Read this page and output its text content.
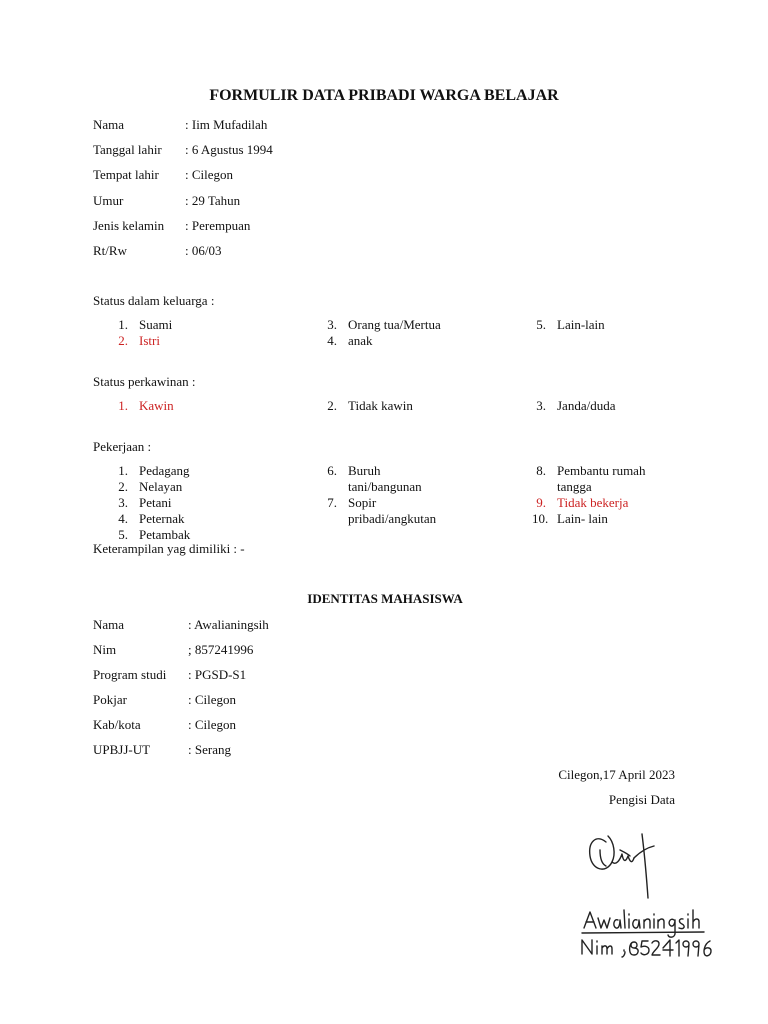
FORMULIR DATA PRIBADI WARGA BELAJAR
Nama	: Iim Mufadilah
Tanggal lahir : 6 Agustus 1994
Tempat lahir : Cilegon
Umur	: 29 Tahun
Jenis kelamin : Perempuan
Rt/Rw	: 06/03
Status dalam keluarga :
1. Suami
2. Istri
3. Orang tua/Mertua
4. anak
5. Lain-lain
Status perkawinan :
1. Kawin	2. Tidak kawin	3. Janda/duda
Pekerjaan :
1. Pedagang
2. Nelayan
3. Petani
4. Peternak
5. Petambak
6. Buruh
tani/bangunan
7. Sopir
pribadi/angkutan
8. Pembantu rumah
tangga
9. Tidak bekerja
10. Lain- lain
Keterampilan yag dimiliki : -
IDENTITAS MAHASISWA
Nama	: Awalianingsih
Nim	; 857241996
Program studi : PGSD-S1
Pokjar	: Cilegon
Kab/kota	: Cilegon
UPBJJ-UT	: Serang
Cilegon,17 April 2023
Pengisi Data
